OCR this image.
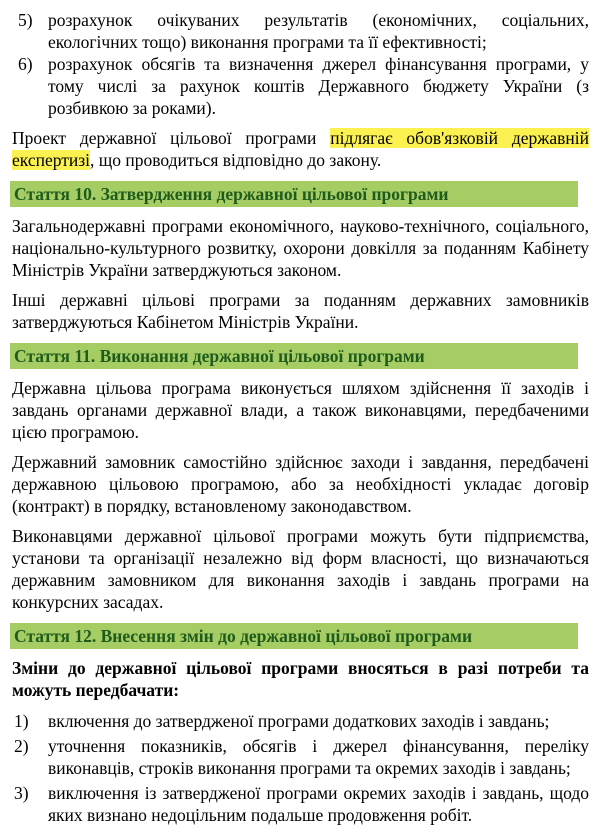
5) розрахунок очікуваних результатів (економічних, соціальних, екологічних тощо) виконання програми та її ефективності;
6) розрахунок обсягів та визначення джерел фінансування програми, у тому числі за рахунок коштів Державного бюджету України (з розбивкою за роками).

Проект державної цільової програми підлягає обов'язковій державній експертизі, що проводиться відповідно до закону.

Стаття 10. Затвердження державної цільової програми

Загальнодержавні програми економічного, науково-технічного, соціального, національно-культурного розвитку, охорони довкілля за поданням Кабінету Міністрів України затверджуються законом.

Інші державні цільові програми за поданням державних замовників затверджуються Кабінетом Міністрів України.

Стаття 11. Виконання державної цільової програми

Державна цільова програма виконується шляхом здійснення її заходів і завдань органами державної влади, а також виконавцями, передбаченими цією програмою.

Державний замовник самостійно здійснює заходи і завдання, передбачені державною цільовою програмою, або за необхідності укладає договір (контракт) в порядку, встановленому законодавством.

Виконавцями державної цільової програми можуть бути підприємства, установи та організації незалежно від форм власності, що визначаються державним замовником для виконання заходів і завдань програми на конкурсних засадах.

Стаття 12. Внесення змін до державної цільової програми

Зміни до державної цільової програми вносяться в разі потреби та можуть передбачати:

1) включення до затвердженої програми додаткових заходів і завдань;
2) уточнення показників, обсягів і джерел фінансування, переліку виконавців, строків виконання програми та окремих заходів і завдань;
3) виключення із затвердженої програми окремих заходів і завдань, щодо яких визнано недоцільним подальше продовження робіт.
